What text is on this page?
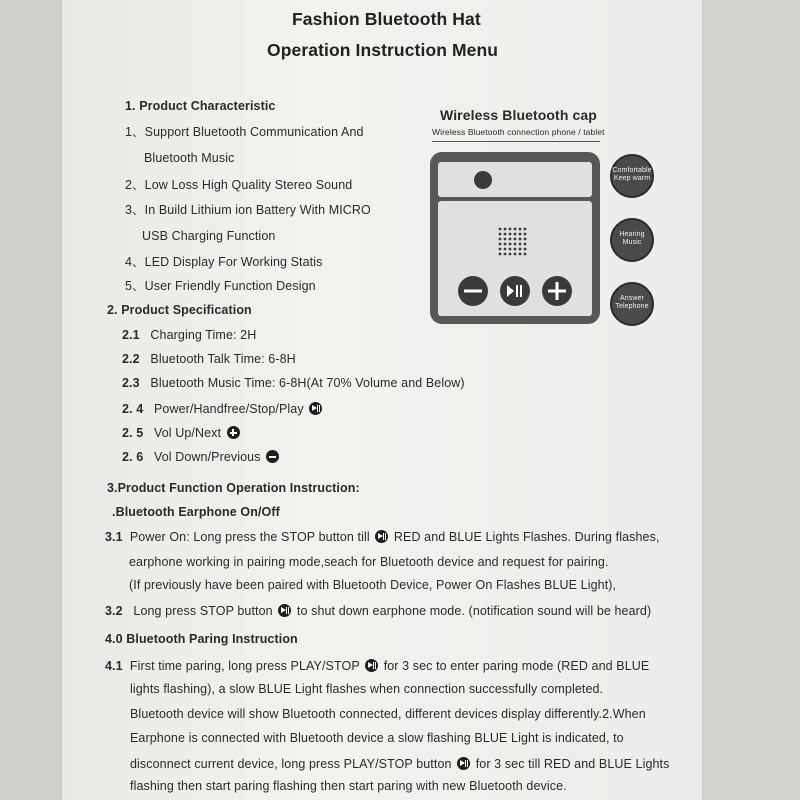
Fashion Bluetooth Hat
Operation Instruction Menu
1. Product Characteristic
1、Support Bluetooth Communication And
Bluetooth Music
2、Low Loss High Quality Stereo Sound
3、In Build Lithium ion Battery With MICRO
USB Charging Function
4、LED Display For Working Statis
5、User Friendly Function Design
2. Product Specification
2.1 Charging Time: 2H
2.2 Bluetooth Talk Time: 6-8H
2.3 Bluetooth Music Time: 6-8H(At 70% Volume and Below)
2. 4 Power/Handfree/Stop/Play
2. 5 Vol Up/Next
2. 6 Vol Down/Previous
3.Product Function Operation Instruction:
.Bluetooth Earphone On/Off
3.1 Power On: Long press the STOP button till RED and BLUE Lights Flashes. During flashes,
earphone working in pairing mode,seach for Bluetooth device and request for pairing.
(If previously have been paired with Bluetooth Device, Power On Flashes BLUE Light),
3.2 Long press STOP button to shut down earphone mode. (notification sound will be heard)
4.0 Bluetooth Paring Instruction
4.1 First time paring, long press PLAY/STOP for 3 sec to enter paring mode (RED and BLUE
lights flashing), a slow BLUE Light flashes when connection successfully completed.
Bluetooth device will show Bluetooth connected, different devices display differently.2.When
Earphone is connected with Bluetooth device a slow flashing BLUE Light is indicated, to
disconnect current device, long press PLAY/STOP button for 3 sec till RED and BLUE Lights
flashing then start paring flashing then start paring with new Bluetooth device.
Wireless Bluetooth cap
Wireless Bluetooth connection phone / tablet
Comfortable Keep warm
Hearing Music
Answer Telephone
